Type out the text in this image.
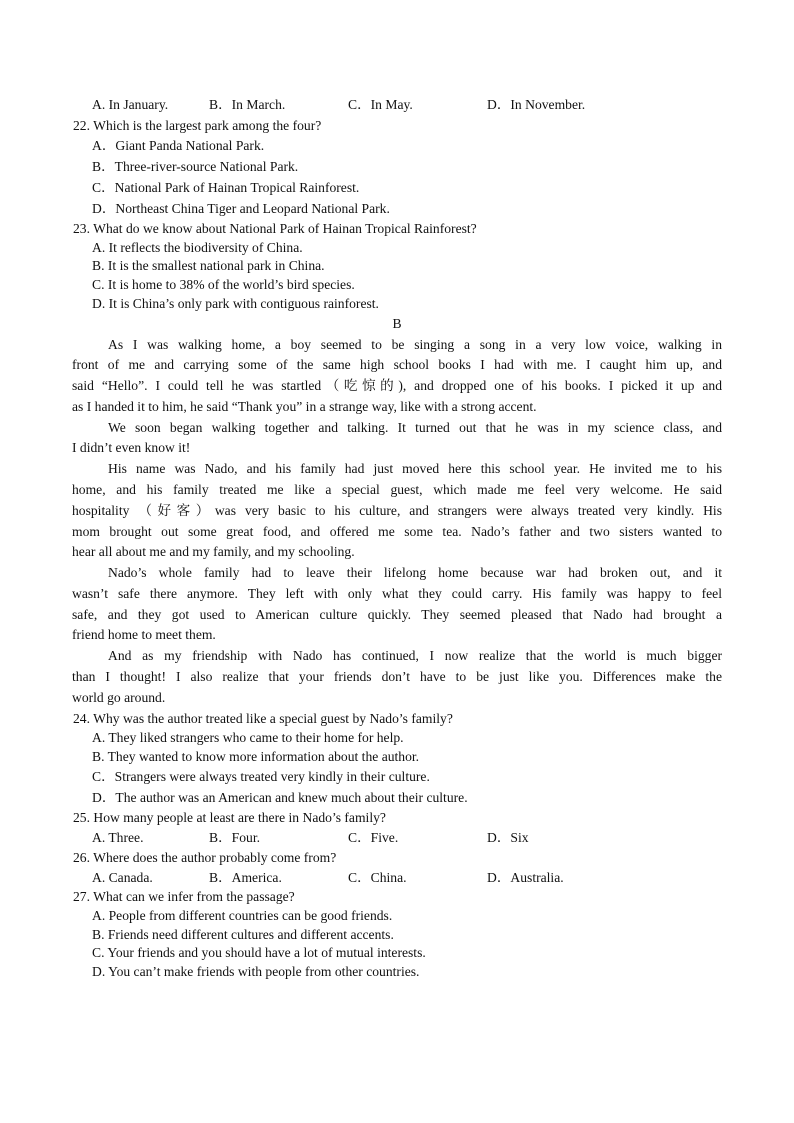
A. In January.	B．In March.	C．In May.	D．In November.
22. Which is the largest park among the four?
A．Giant Panda National Park.
B．Three-river-source National Park.
C．National Park of Hainan Tropical Rainforest.
D．Northeast China Tiger and Leopard National Park.
23. What do we know about National Park of Hainan Tropical Rainforest?
A. It reflects the biodiversity of China.
B. It is the smallest national park in China.
C. It is home to 38% of the world’s bird species.
D. It is China’s only park with contiguous rainforest.
B
As I was walking home, a boy seemed to be singing a song in a very low voice, walking in
front of me and carrying some of the same high school books I had with me. I caught him up, and
said “Hello”. I could tell he was startled（吃惊的), and dropped one of his books. I picked it up and
as I handed it to him, he said “Thank you” in a strange way, like with a strong accent.
We soon began walking together and talking. It turned out that he was in my science class, and
I didn’t even know it!
His name was Nado, and his family had just moved here this school year. He invited me to his
home, and his family treated me like a special guest, which made me feel very welcome. He said
hospitality （好客）was very basic to his culture, and strangers were always treated very kindly. His
mom brought out some great food, and offered me some tea. Nado’s father and two sisters wanted to
hear all about me and my family, and my schooling.
Nado’s whole family had to leave their lifelong home because war had broken out, and it
wasn’t safe there anymore. They left with only what they could carry. His family was happy to feel
safe, and they got used to American culture quickly. They seemed pleased that Nado had brought a
friend home to meet them.
And as my friendship with Nado has continued, I now realize that the world is much bigger
than I thought! I also realize that your friends don’t have to be just like you. Differences make the
world go around.
24. Why was the author treated like a special guest by Nado’s family?
A. They liked strangers who came to their home for help.
B. They wanted to know more information about the author.
C．Strangers were always treated very kindly in their culture.
D．The author was an American and knew much about their culture.
25. How many people at least are there in Nado’s family?
A. Three.	B．Four.	C．Five.	D．Six
26. Where does the author probably come from?
A. Canada.	B．America.	C．China.	D．Australia.
27. What can we infer from the passage?
A. People from different countries can be good friends.
B. Friends need different cultures and different accents.
C. Your friends and you should have a lot of mutual interests.
D. You can’t make friends with people from other countries.
